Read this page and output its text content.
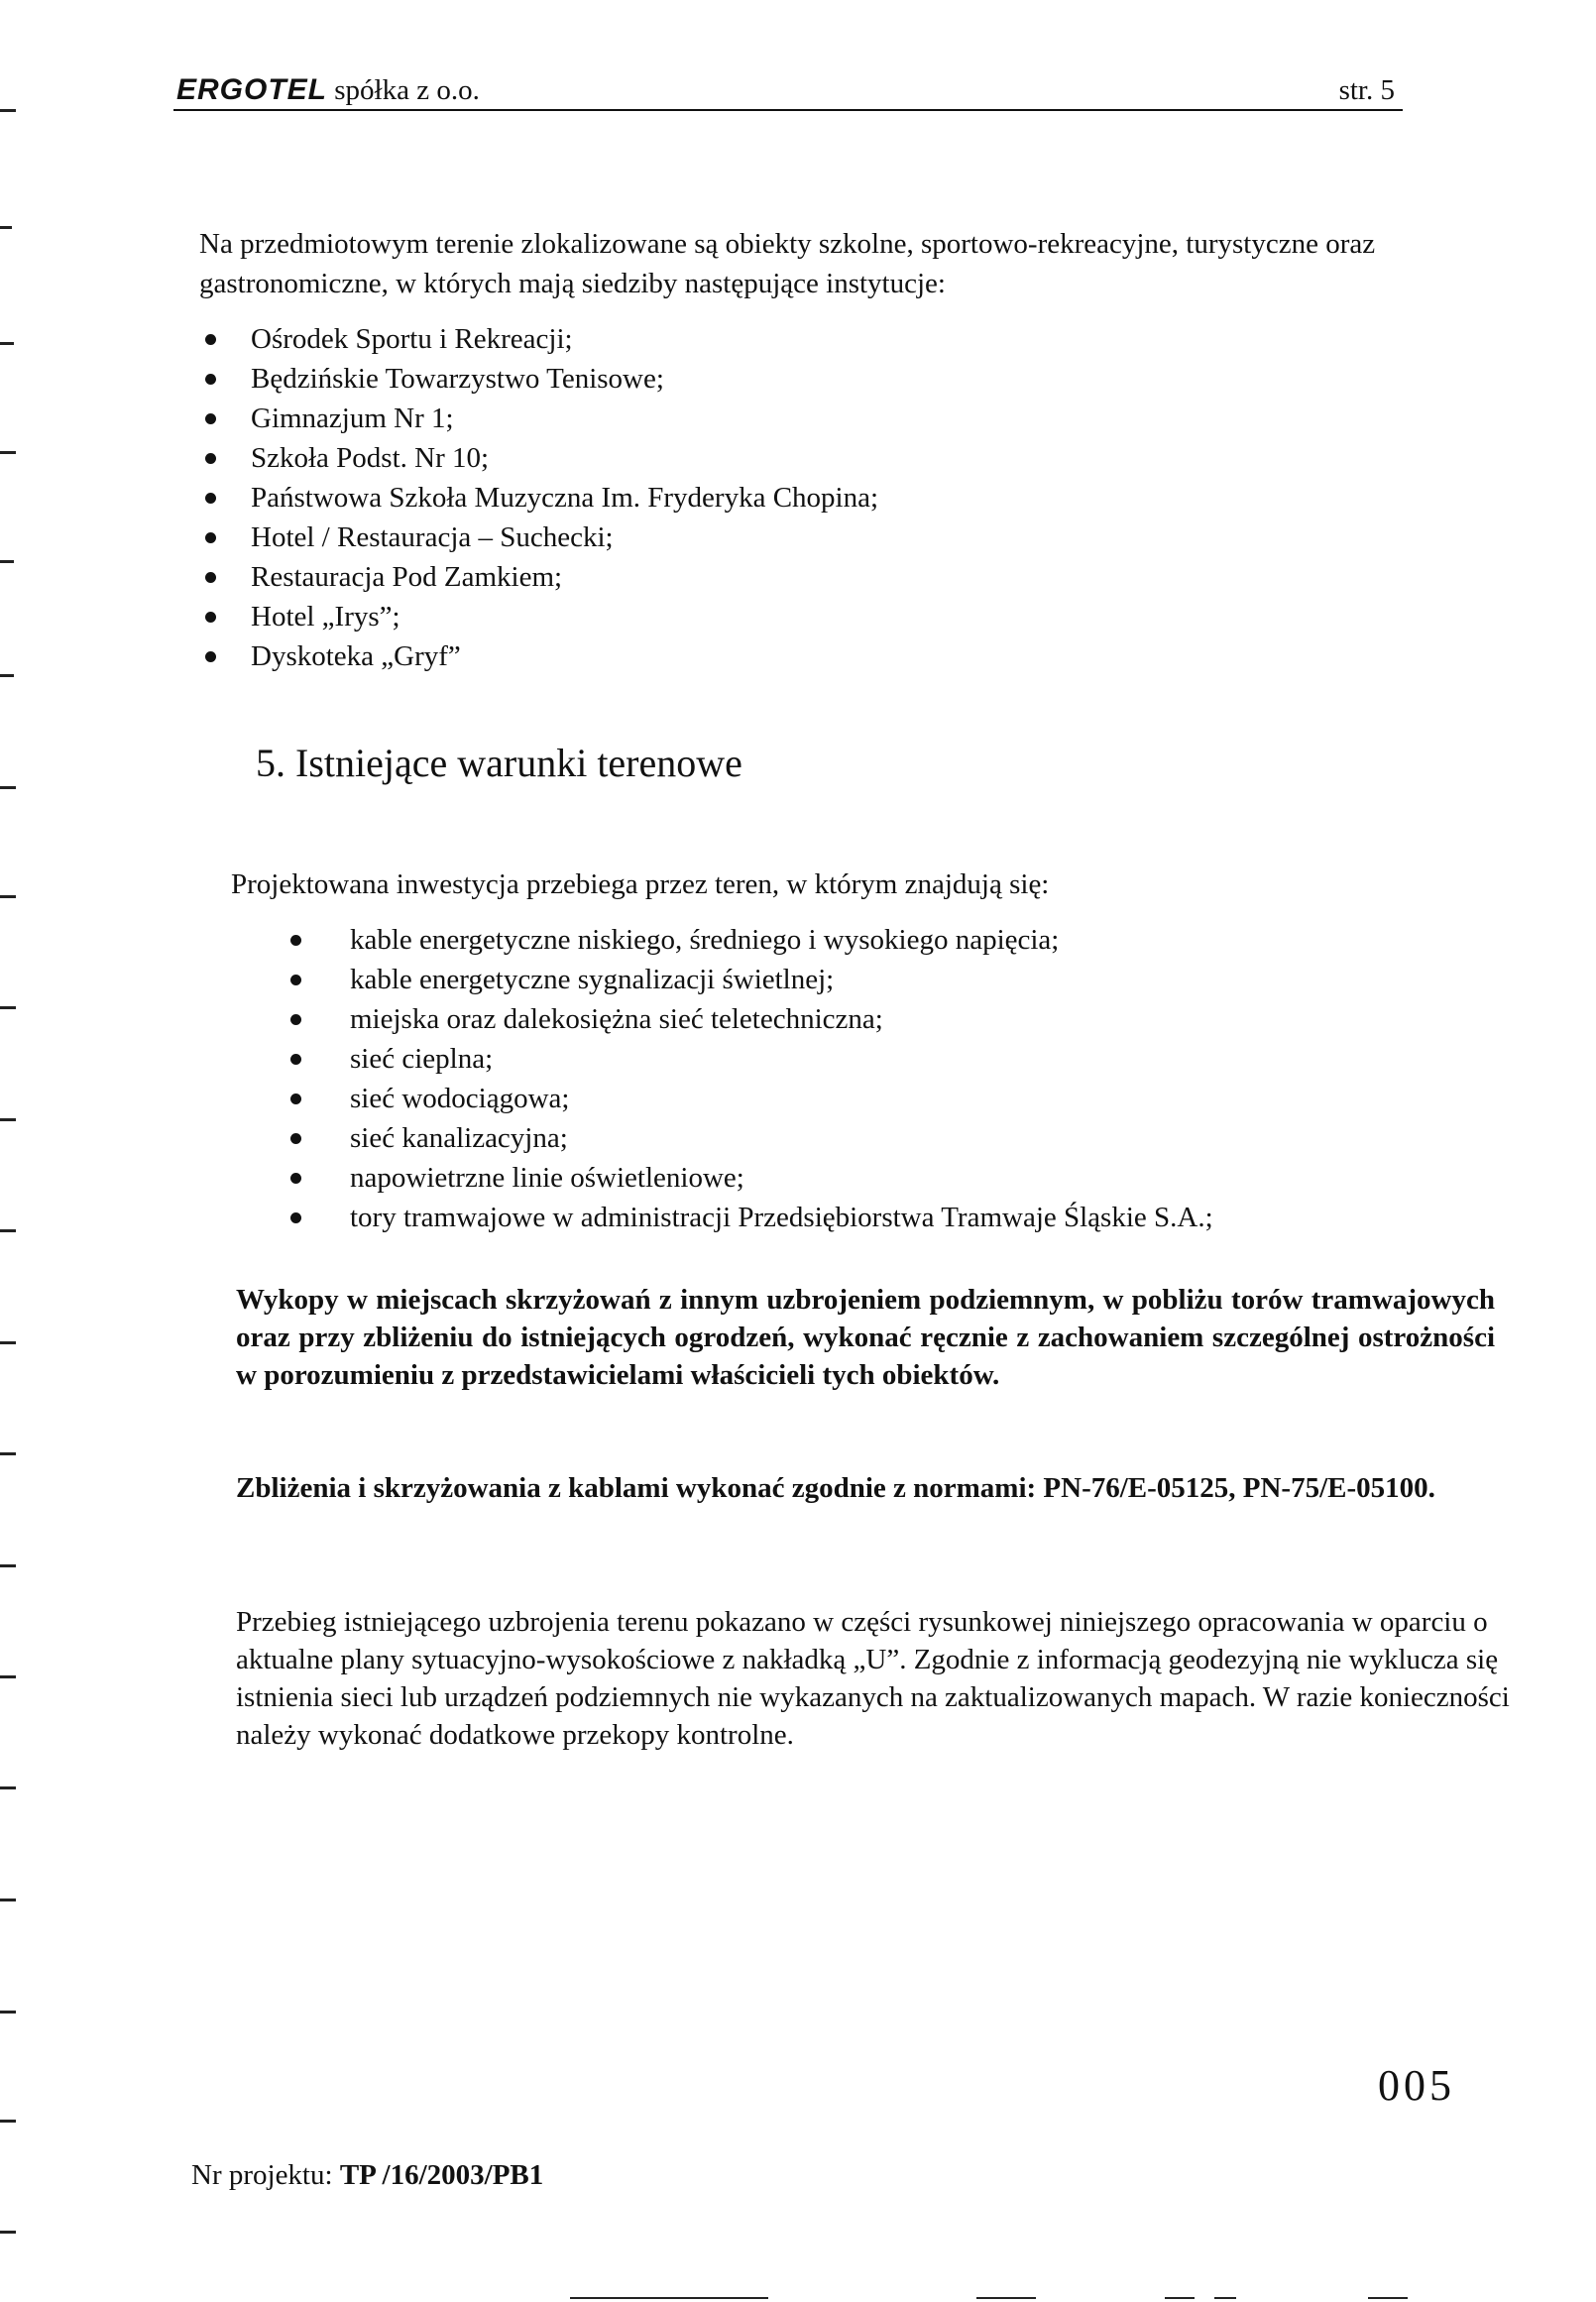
ERGOTEL spółka z o.o.	str. 5
Na przedmiotowym terenie zlokalizowane są obiekty szkolne, sportowo-rekreacyjne, turystyczne oraz gastronomiczne, w których mają siedziby następujące instytucje:
Ośrodek Sportu i Rekreacji;
Będzińskie Towarzystwo Tenisowe;
Gimnazjum Nr 1;
Szkoła Podst. Nr 10;
Państwowa Szkoła Muzyczna Im. Fryderyka Chopina;
Hotel / Restauracja – Suchecki;
Restauracja Pod Zamkiem;
Hotel „Irys”;
Dyskoteka „Gryf”
5. Istniejące warunki terenowe
Projektowana inwestycja przebiega przez teren, w którym znajdują się:
kable energetyczne niskiego, średniego i wysokiego napięcia;
kable energetyczne sygnalizacji świetlnej;
miejska oraz dalekosiężna sieć teletechniczna;
sieć cieplna;
sieć wodociągowa;
sieć kanalizacyjna;
napowietrzne linie oświetleniowe;
tory tramwajowe w administracji Przedsiębiorstwa Tramwaje Śląskie S.A.;
Wykopy w miejscach skrzyżowań z innym uzbrojeniem podziemnym, w pobliżu torów tramwajowych oraz przy zbliżeniu do istniejących ogrodzeń, wykonać ręcznie z zachowaniem szczególnej ostrożności w porozumieniu z przedstawicielami właścicieli tych obiektów.
Zbliżenia i skrzyżowania z kablami wykonać zgodnie z normami: PN-76/E-05125, PN-75/E-05100.
Przebieg istniejącego uzbrojenia terenu pokazano w części rysunkowej niniejszego opracowania w oparciu o aktualne plany sytuacyjno-wysokościowe z nakładką „U”. Zgodnie z informacją geodezyjną nie wyklucza się istnienia sieci lub urządzeń podziemnych nie wykazanych na zaktualizowanych mapach. W razie konieczności należy wykonać dodatkowe przekopy kontrolne.
005
Nr projektu: TP /16/2003/PB1
